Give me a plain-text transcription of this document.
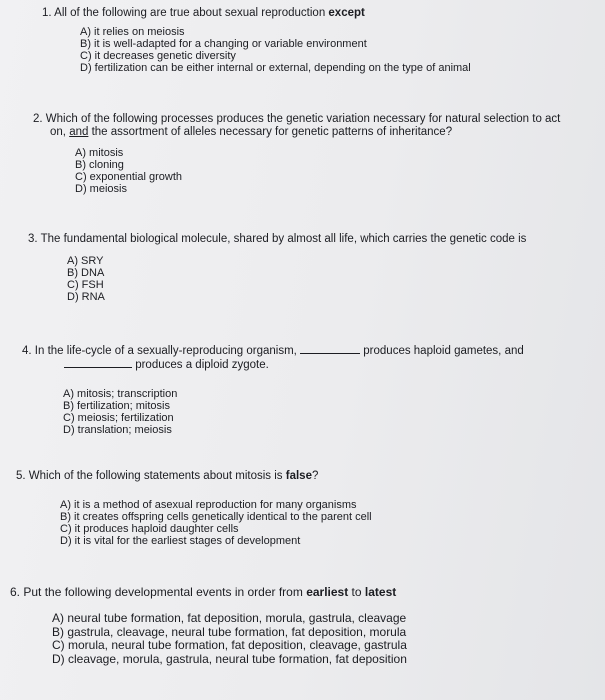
1. All of the following are true about sexual reproduction except
A) it relies on meiosis
B) it is well-adapted for a changing or variable environment
C) it decreases genetic diversity
D) fertilization can be either internal or external, depending on the type of animal
2. Which of the following processes produces the genetic variation necessary for natural selection to act
on, and the assortment of alleles necessary for genetic patterns of inheritance?
A) mitosis
B) cloning
C) exponential growth
D) meiosis
3. The fundamental biological molecule, shared by almost all life, which carries the genetic code is
A) SRY
B) DNA
C) FSH
D) RNA
4. In the life-cycle of a sexually-reproducing organism,	produces haploid gametes, and
produces a diploid zygote.
A) mitosis; transcription
B) fertilization; mitosis
C) meiosis; fertilization
D) translation; meiosis
5. Which of the following statements about mitosis is false?
A) it is a method of asexual reproduction for many organisms
B) it creates offspring cells genetically identical to the parent cell
C) it produces haploid daughter cells
D) it is vital for the earliest stages of development
6. Put the following developmental events in order from earliest to latest
A) neural tube formation, fat deposition, morula, gastrula, cleavage
B) gastrula, cleavage, neural tube formation, fat deposition, morula
C) morula, neural tube formation, fat deposition, cleavage, gastrula
D) cleavage, morula, gastrula, neural tube formation, fat deposition
